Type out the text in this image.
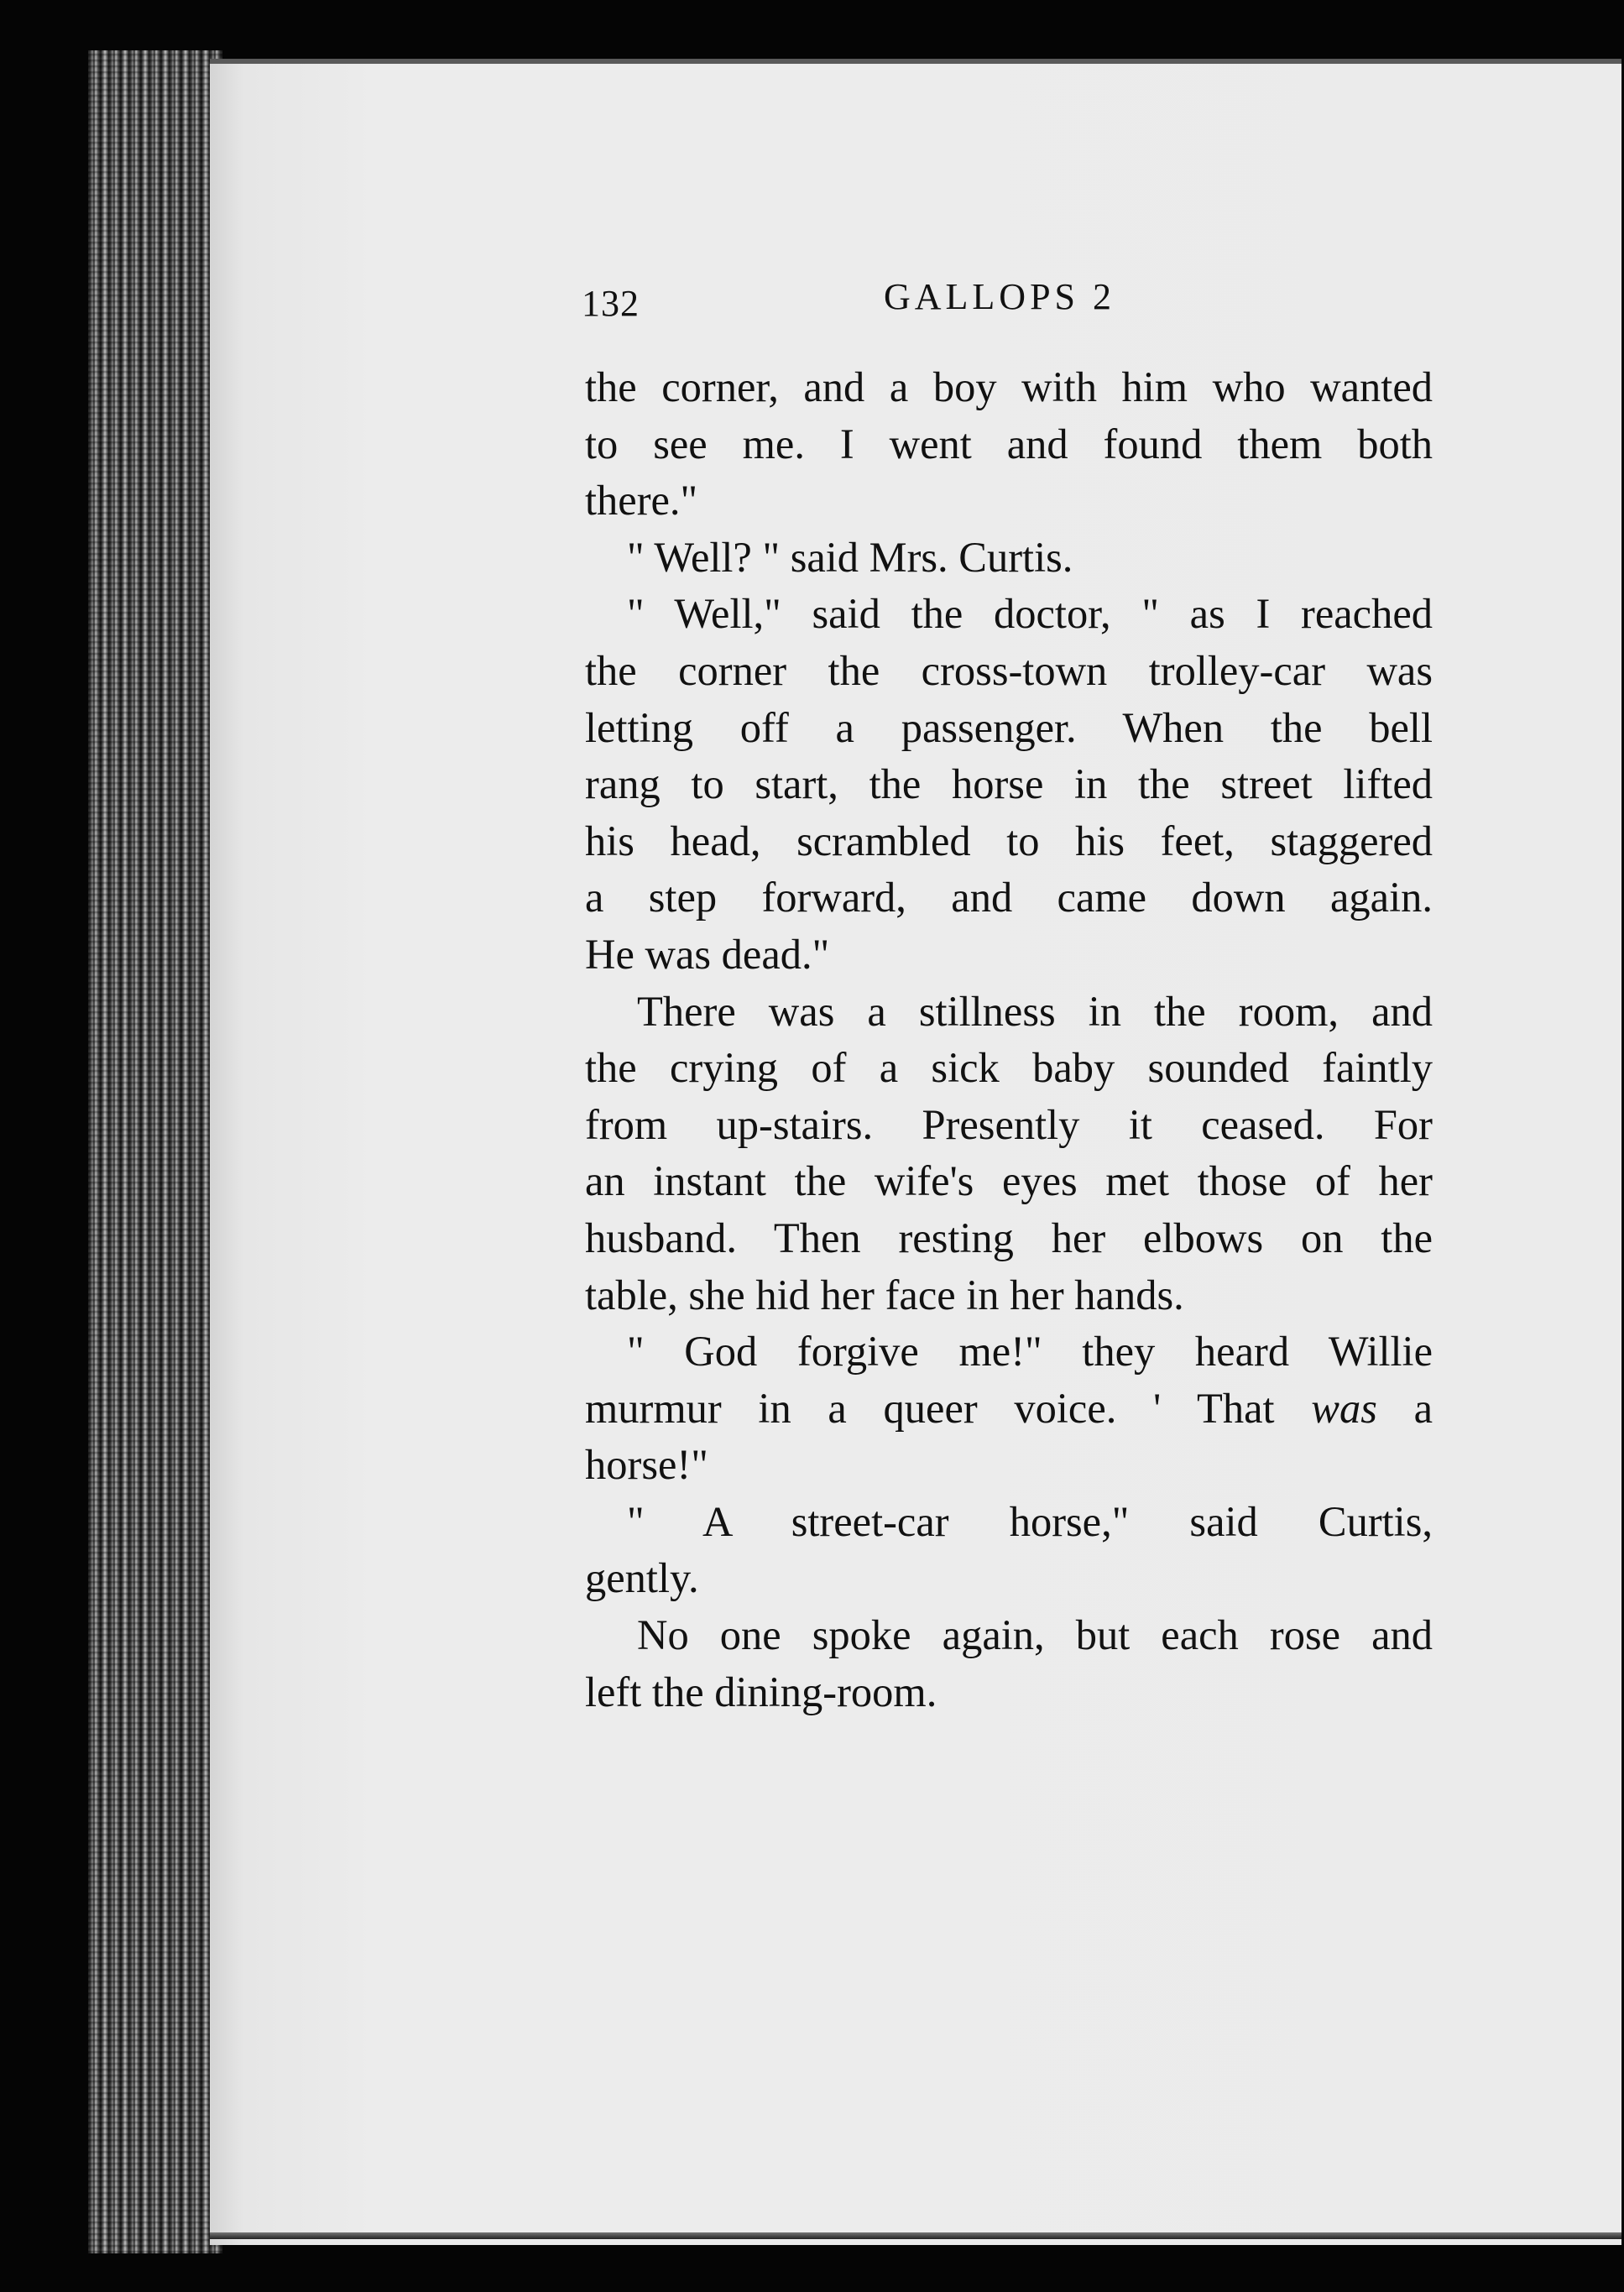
132	GALLOPS 2
the corner, and a boy with him who wanted
to see me. I went and found them both
there."
" Well? " said Mrs. Curtis.
" Well," said the doctor, " as I reached
the corner the cross-town trolley-car was
letting off a passenger. When the bell
rang to start, the horse in the street lifted
his head, scrambled to his feet, staggered
a step forward, and came down again.
He was dead."
There was a stillness in the room, and
the crying of a sick baby sounded faintly
from up-stairs. Presently it ceased. For
an instant the wife's eyes met those of her
husband. Then resting her elbows on the
table, she hid her face in her hands.
" God forgive me!" they heard Willie
murmur in a queer voice. ' That was a
horse!"
" A street-car horse," said Curtis,
gently.
No one spoke again, but each rose and
left the dining-room.
